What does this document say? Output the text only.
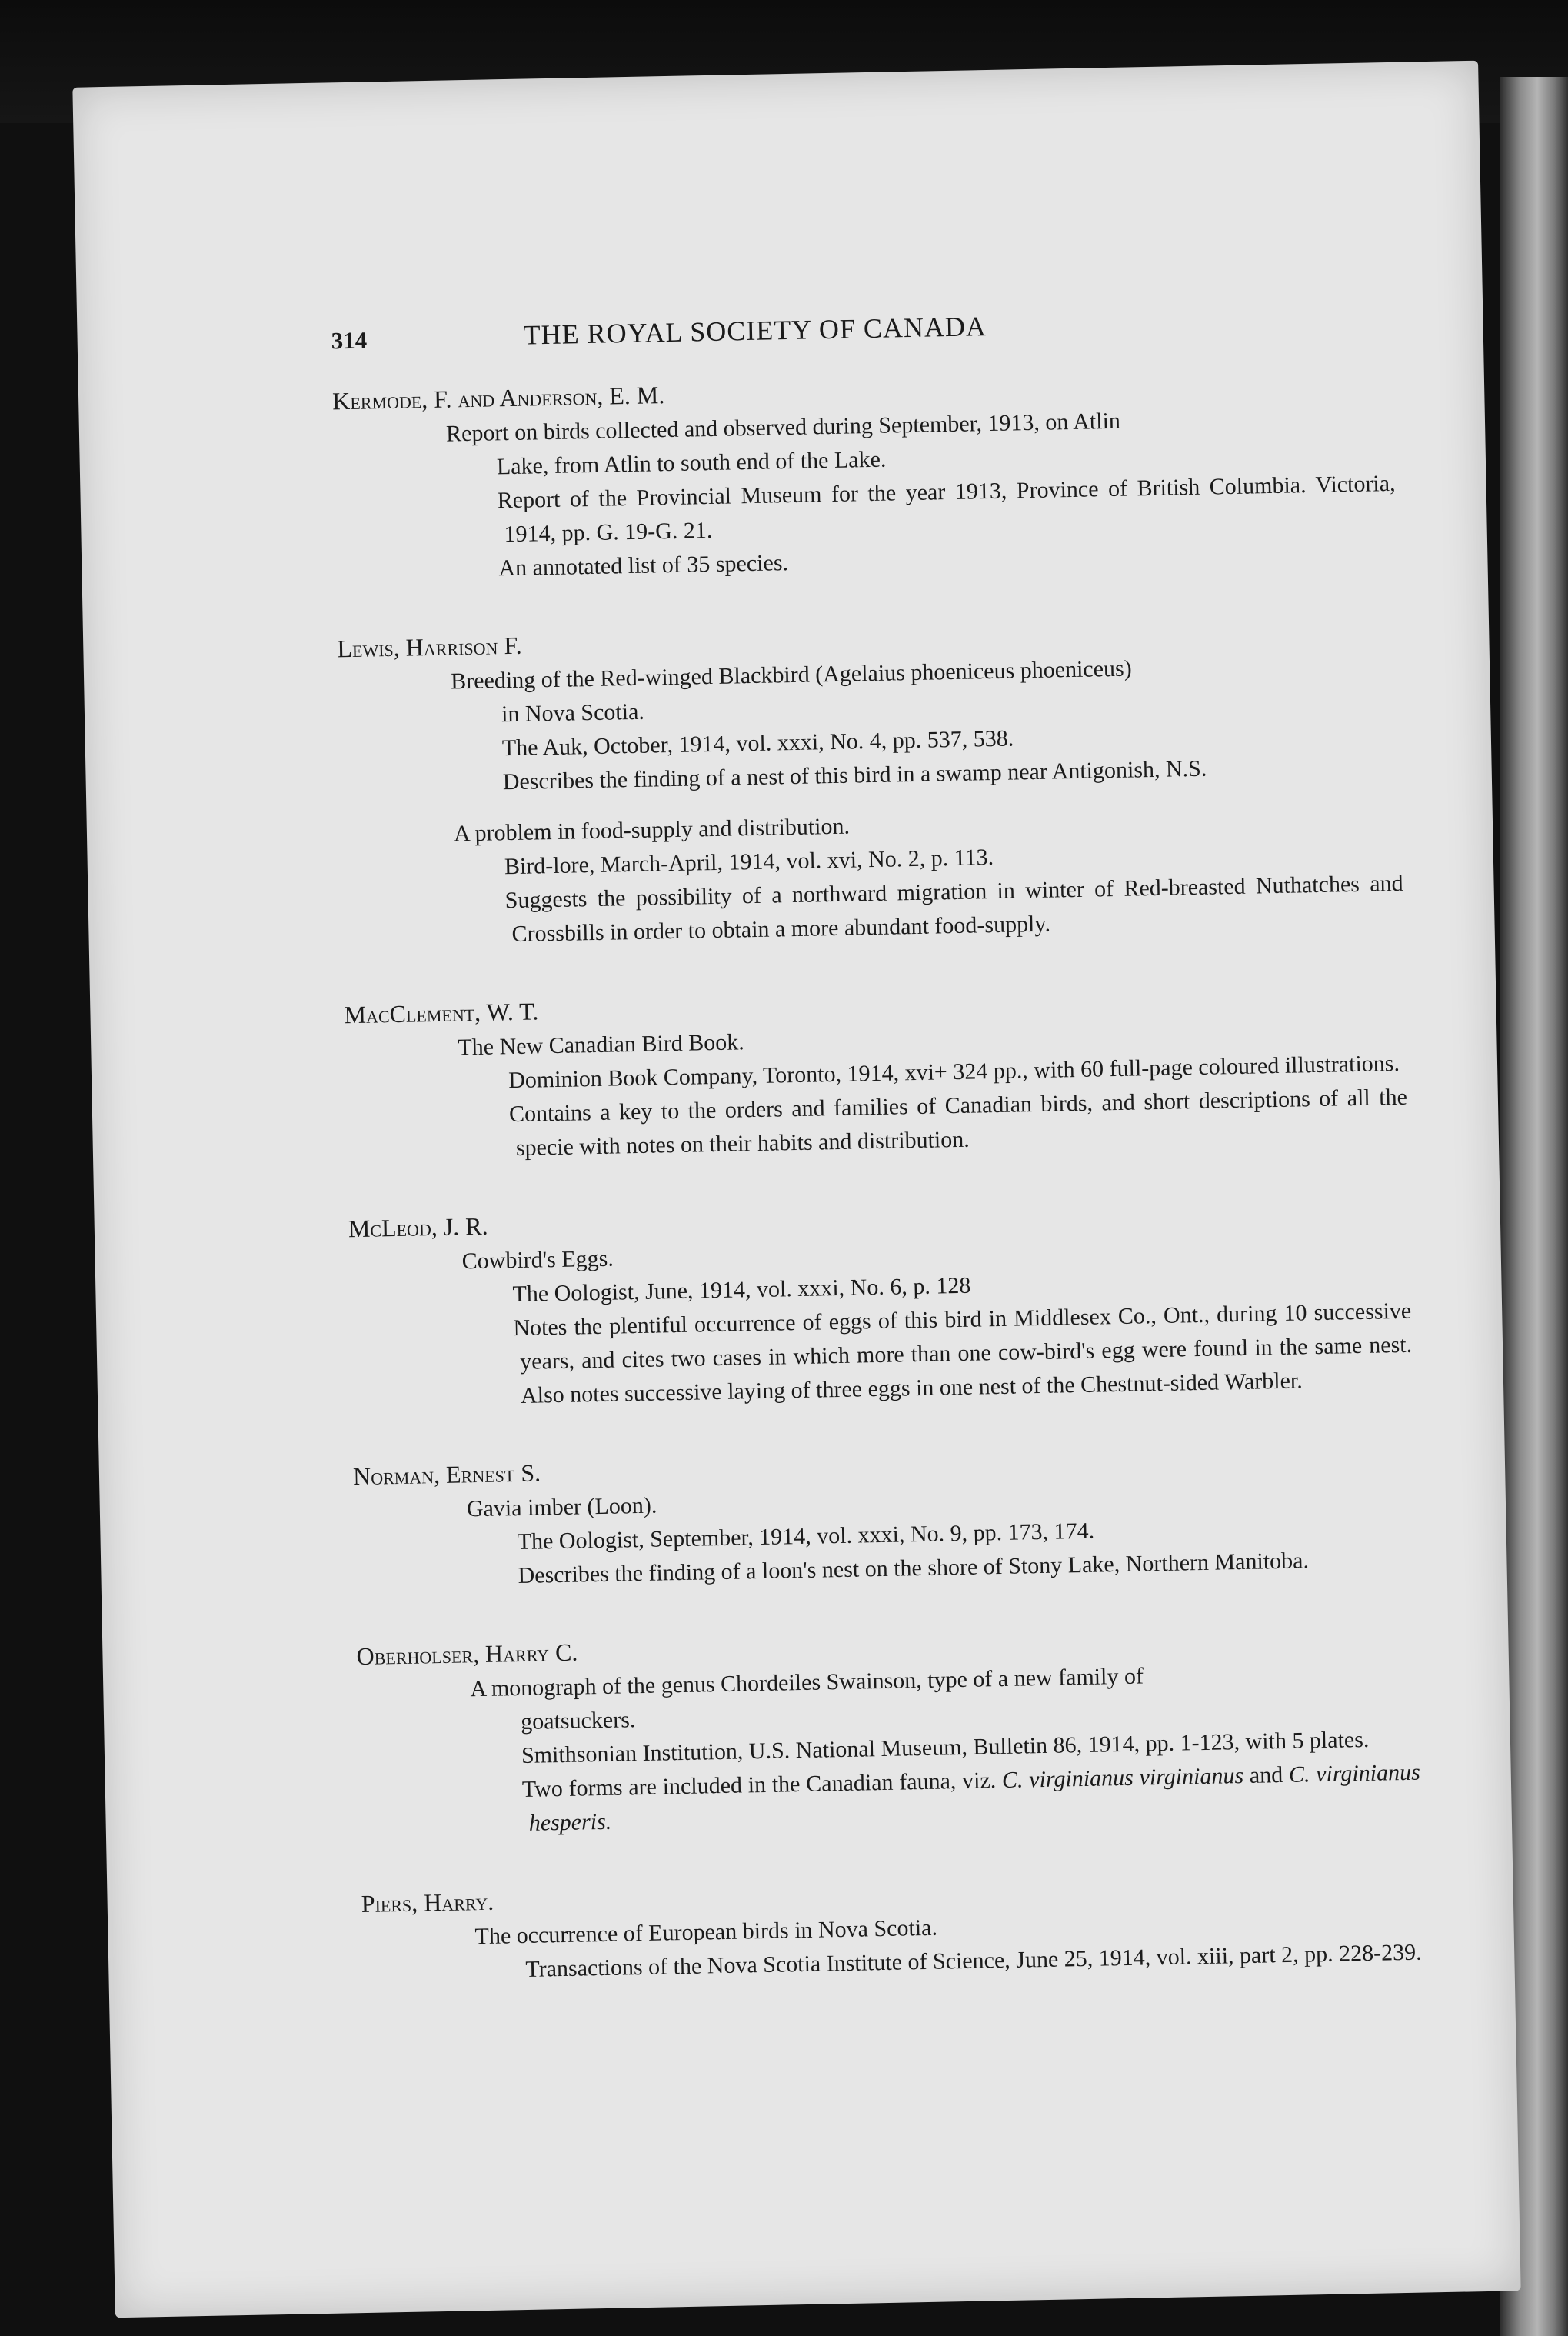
314	THE ROYAL SOCIETY OF CANADA
Kermode, F. and Anderson, E. M.
Report on birds collected and observed during September, 1913, on Atlin
Lake, from Atlin to south end of the Lake.
Report of the Provincial Museum for the year 1913, Province of British Columbia. Victoria, 1914, pp. G. 19-G. 21.
An annotated list of 35 species.
Lewis, Harrison F.
Breeding of the Red-winged Blackbird (Agelaius phoeniceus phoeniceus)
in Nova Scotia.
The Auk, October, 1914, vol. xxxi, No. 4, pp. 537, 538.
Describes the finding of a nest of this bird in a swamp near Antigonish, N.S.
A problem in food-supply and distribution.
Bird-lore, March-April, 1914, vol. xvi, No. 2, p. 113.
Suggests the possibility of a northward migration in winter of Red-breasted Nuthatches and Crossbills in order to obtain a more abundant food-supply.
MacClement, W. T.
The New Canadian Bird Book.
Dominion Book Company, Toronto, 1914, xvi+ 324 pp., with 60 full-page coloured illustrations.
Contains a key to the orders and families of Canadian birds, and short descriptions of all the specie with notes on their habits and distribution.
McLeod, J. R.
Cowbird's Eggs.
The Oologist, June, 1914, vol. xxxi, No. 6, p. 128
Notes the plentiful occurrence of eggs of this bird in Middlesex Co., Ont., during 10 successive years, and cites two cases in which more than one cow-bird's egg were found in the same nest. Also notes successive laying of three eggs in one nest of the Chestnut-sided Warbler.
Norman, Ernest S.
Gavia imber (Loon).
The Oologist, September, 1914, vol. xxxi, No. 9, pp. 173, 174.
Describes the finding of a loon's nest on the shore of Stony Lake, Northern Manitoba.
Oberholser, Harry C.
A monograph of the genus Chordeiles Swainson, type of a new family of
goatsuckers.
Smithsonian Institution, U.S. National Museum, Bulletin 86, 1914, pp. 1-123, with 5 plates.
Two forms are included in the Canadian fauna, viz. C. virginianus virginianus and C. virginianus hesperis.
Piers, Harry.
The occurrence of European birds in Nova Scotia.
Transactions of the Nova Scotia Institute of Science, June 25, 1914, vol. xiii, part 2, pp. 228-239.
